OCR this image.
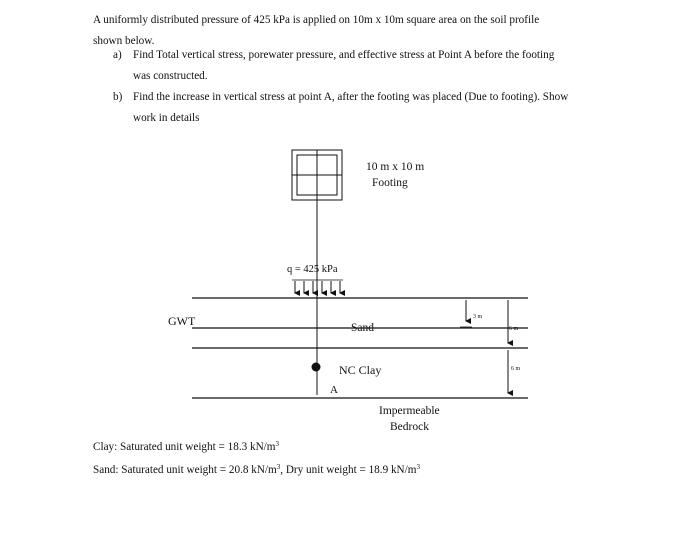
A uniformly distributed pressure of 425 kPa is applied on 10m x 10m square area on the soil profile
shown below.
a) Find Total vertical stress, porewater pressure, and effective stress at Point A before the footing
was constructed.
b) Find the increase in vertical stress at point A, after the footing was placed (Due to footing). Show
work in details
10 m x 10 m
Footing
q = 425 kPa
GWT	Sand
NC Clay
A
Impermeable
Bedrock
3 m
6 m
6 m
Clay: Saturated unit weight = 18.3 $kN/m^3$
Sand: Saturated unit weight = 20.8 $kN/m^3$, Dry unit weight = 18.9 $kN/m^3$
